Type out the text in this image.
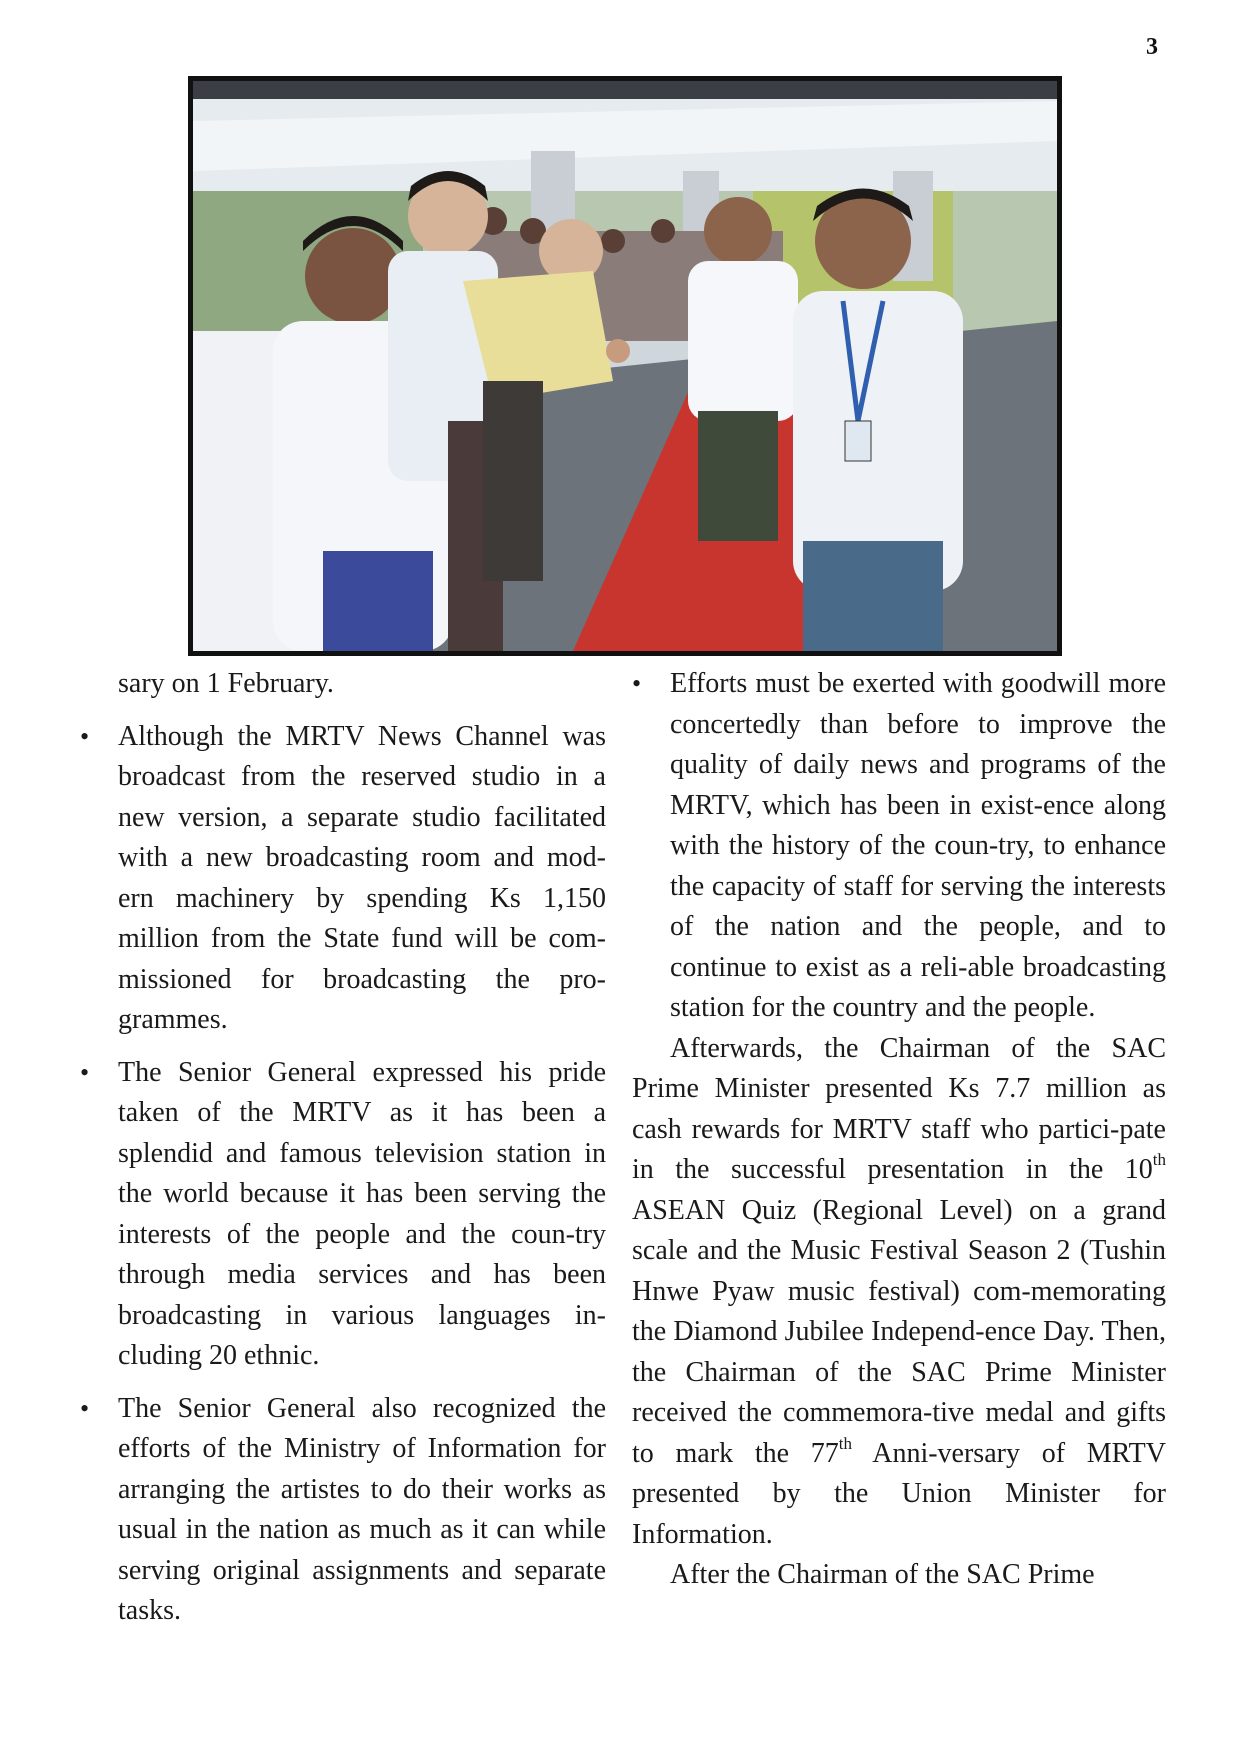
3

sary on 1 February.

• Although the MRTV News Channel was broadcast from the reserved studio in a new version, a separate studio facilitated with a new broadcasting room and mod-ern machinery by spending Ks 1,150 million from the State fund will be com-missioned for broadcasting the pro-grammes.
• The Senior General expressed his pride taken of the MRTV as it has been a splendid and famous television station in the world because it has been serving the interests of the people and the coun-try through media services and has been broadcasting in various languages in-cluding 20 ethnic.
• The Senior General also recognized the efforts of the Ministry of Information for arranging the artistes to do their works as usual in the nation as much as it can while serving original assignments and separate tasks.
• Efforts must be exerted with goodwill more concertedly than before to improve the quality of daily news and programs of the MRTV, which has been in exist-ence along with the history of the coun-try, to enhance the capacity of staff for serving the interests of the nation and the people, and to continue to exist as a reli-able broadcasting station for the country and the people.

Afterwards, the Chairman of the SAC Prime Minister presented Ks 7.7 million as cash rewards for MRTV staff who partici-pate in the successful presentation in the 10th ASEAN Quiz (Regional Level) on a grand scale and the Music Festival Season 2 (Tushin Hnwe Pyaw music festival) com-memorating the Diamond Jubilee Independ-ence Day. Then, the Chairman of the SAC Prime Minister received the commemora-tive medal and gifts to mark the 77th Anni-versary of MRTV presented by the Union Minister for Information.

After the Chairman of the SAC Prime
